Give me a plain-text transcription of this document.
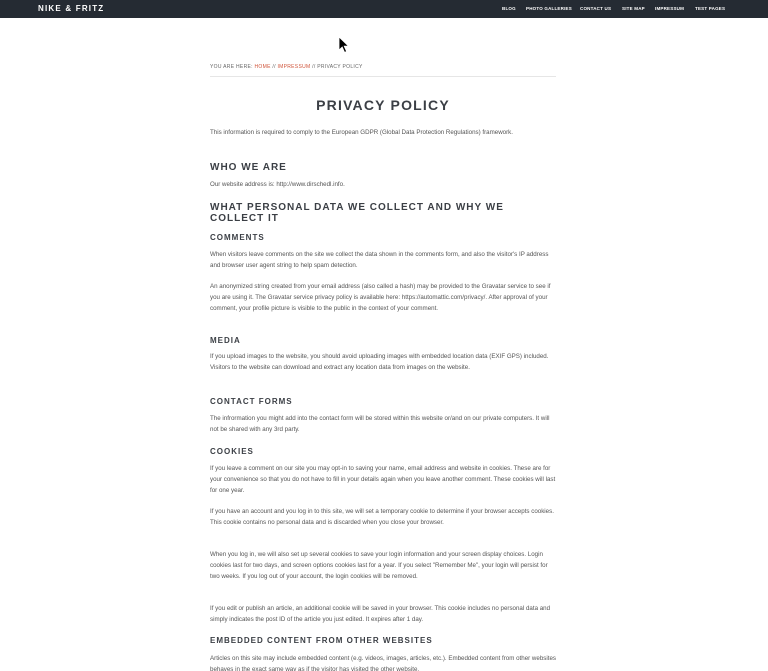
NIKE & FRITZ	BLOG PHOTO GALLERIES CONTACT US SITE MAP IMPRESSUM TEST PAGES
YOU ARE HERE: HOME // IMPRESSUM // PRIVACY POLICY
PRIVACY POLICY

This information is required to comply to the European GDPR (Global Data Protection Regulations) framework.

WHO WE ARE

Our website address is: http://www.dirschedl.info.

WHAT PERSONAL DATA WE COLLECT AND WHY WE COLLECT IT
COMMENTS

When visitors leave comments on the site we collect the data shown in the comments form, and also the visitor's IP address and browser user agent string to help spam detection.

An anonymized string created from your email address (also called a hash) may be provided to the Gravatar service to see if you are using it. The Gravatar service privacy policy is available here: https://automattic.com/privacy/. After approval of your comment, your profile picture is visible to the public in the context of your comment.

MEDIA

If you upload images to the website, you should avoid uploading images with embedded location data (EXIF GPS) included. Visitors to the website can download and extract any location data from images on the website.

CONTACT FORMS

The infrormation you might add into the contact form will be stored within this website or/and on our private computers. It will not be shared with any 3rd party.

COOKIES

If you leave a comment on our site you may opt-in to saving your name, email address and website in cookies. These are for your convenience so that you do not have to fill in your details again when you leave another comment. These cookies will last for one year.

If you have an account and you log in to this site, we will set a temporary cookie to determine if your browser accepts cookies. This cookie contains no personal data and is discarded when you close your browser.

When you log in, we will also set up several cookies to save your login information and your screen display choices. Login cookies last for two days, and screen options cookies last for a year. If you select "Remember Me", your login will persist for two weeks. If you log out of your account, the login cookies will be removed.

If you edit or publish an article, an additional cookie will be saved in your browser. This cookie includes no personal data and simply indicates the post ID of the article you just edited. It expires after 1 day.

EMBEDDED CONTENT FROM OTHER WEBSITES

Articles on this site may include embedded content (e.g. videos, images, articles, etc.). Embedded content from other websites behaves in the exact same way as if the visitor has visited the other website.
